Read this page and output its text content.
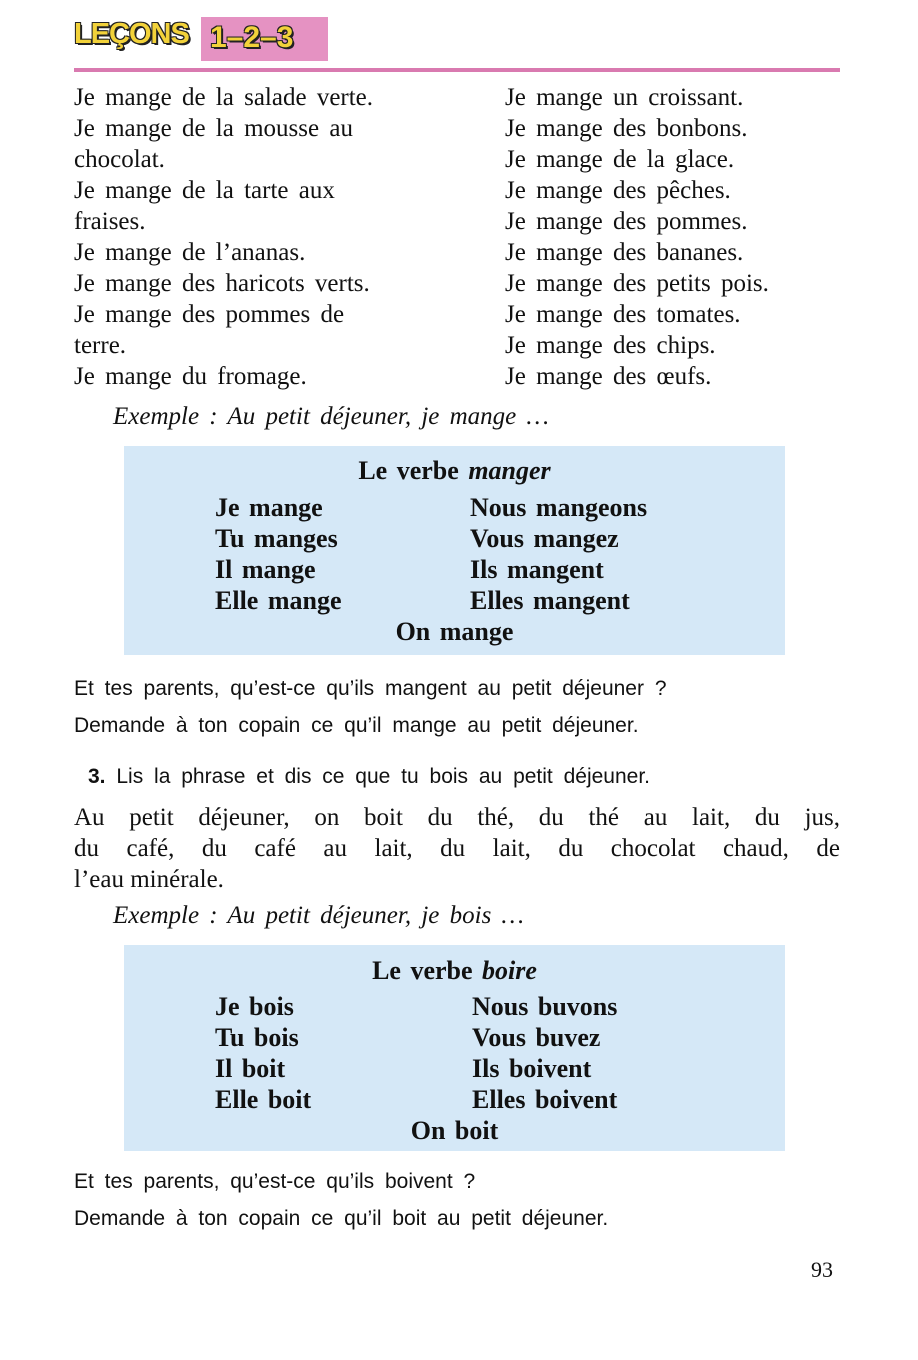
LEÇONS 1–2–3
Je mange de la salade verte.
Je mange de la mousse au
chocolat.
Je mange de la tarte aux
fraises.
Je mange de l’ananas.
Je mange des haricots verts.
Je mange des pommes de
terre.
Je mange du fromage.
Je mange un croissant.
Je mange des bonbons.
Je mange de la glace.
Je mange des pêches.
Je mange des pommes.
Je mange des bananes.
Je mange des petits pois.
Je mange des tomates.
Je mange des chips.
Je mange des œufs.
Exemple : Au petit déjeuner, je mange …
Le verbe manger
Je mange
Tu manges
Il mange
Elle mange
Nous mangeons
Vous mangez
Ils mangent
Elles mangent
On mange
Et tes parents, qu’est-ce qu’ils mangent au petit déjeuner ?
Demande à ton copain ce qu’il mange au petit déjeuner.
3. Lis la phrase et dis ce que tu bois au petit déjeuner.
Au petit déjeuner, on boit du thé, du thé au lait, du jus,
du café, du café au lait, du lait, du chocolat chaud, de
l’eau minérale.
Exemple : Au petit déjeuner, je bois …
Le verbe boire
Je bois
Tu bois
Il boit
Elle boit
Nous buvons
Vous buvez
Ils boivent
Elles boivent
On boit
Et tes parents, qu’est-ce qu’ils boivent ?
Demande à ton copain ce qu’il boit au petit déjeuner.
93
